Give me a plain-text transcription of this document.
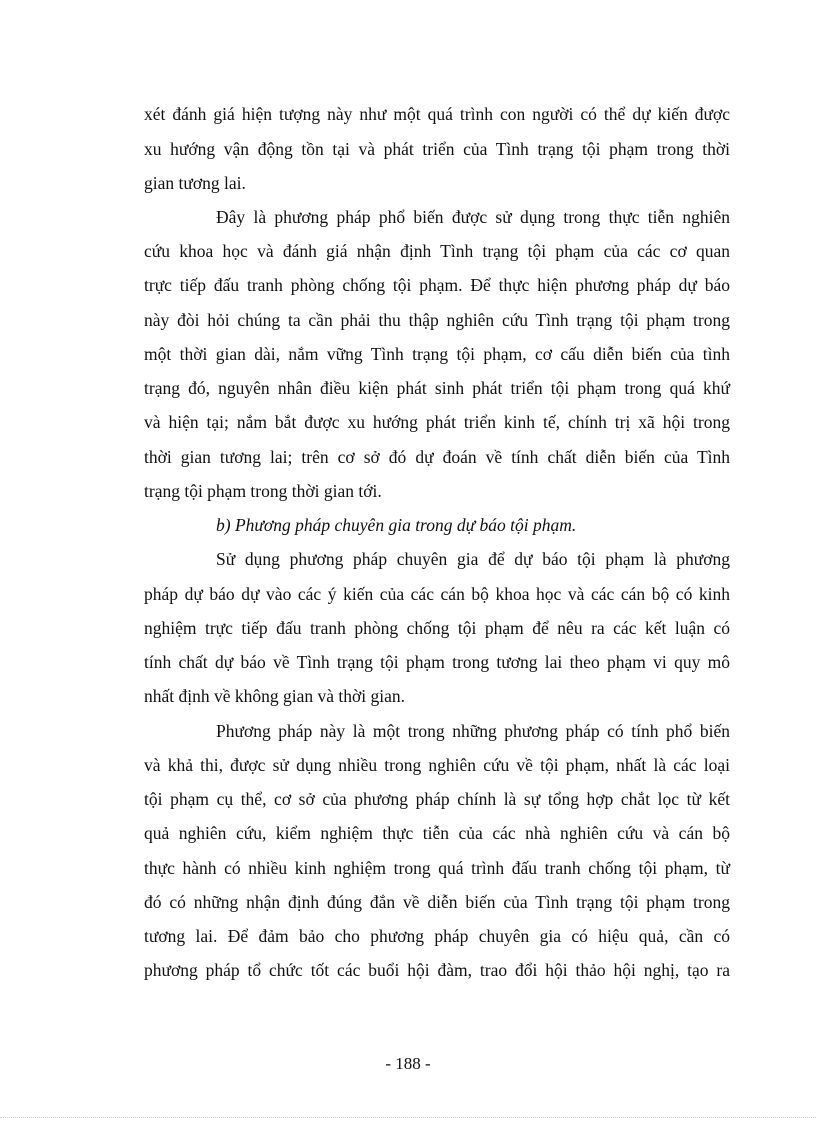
xét đánh giá hiện tượng này như một quá trình con người có thể dự kiến được
xu hướng vận động tồn tại và phát triển của Tình trạng tội phạm trong thời
gian tương lai.
Đây là phương pháp phổ biến được sử dụng trong thực tiễn nghiên
cứu khoa học và đánh giá nhận định Tình trạng tội phạm của các cơ quan
trực tiếp đấu tranh phòng chống tội phạm. Để thực hiện phương pháp dự báo
này đòi hỏi chúng ta cần phải thu thập nghiên cứu Tình trạng tội phạm trong
một thời gian dài, nắm vững Tình trạng tội phạm, cơ cấu diễn biến của tình
trạng đó, nguyên nhân điều kiện phát sinh phát triển tội phạm trong quá khứ
và hiện tại; nắm bắt được xu hướng phát triển kinh tế, chính trị xã hội trong
thời gian tương lai; trên cơ sở đó dự đoán về tính chất diễn biến của Tình
trạng tội phạm trong thời gian tới.
b) Phương pháp chuyên gia trong dự báo tội phạm.
Sử dụng phương pháp chuyên gia để dự báo tội phạm là phương
pháp dự báo dự vào các ý kiến của các cán bộ khoa học và các cán bộ có kinh
nghiệm trực tiếp đấu tranh phòng chống tội phạm để nêu ra các kết luận có
tính chất dự báo về Tình trạng tội phạm trong tương lai theo phạm vi quy mô
nhất định về không gian và thời gian.
Phương pháp này là một trong những phương pháp có tính phổ biến
và khả thi, được sử dụng nhiều trong nghiên cứu về tội phạm, nhất là các loại
tội phạm cụ thể, cơ sở của phương pháp chính là sự tổng hợp chắt lọc từ kết
quả nghiên cứu, kiểm nghiệm thực tiễn của các nhà nghiên cứu và cán bộ
thực hành có nhiều kinh nghiệm trong quá trình đấu tranh chống tội phạm, từ
đó có những nhận định đúng đắn về diễn biến của Tình trạng tội phạm trong
tương lai. Để đảm bảo cho phương pháp chuyên gia có hiệu quả, cần có
phương pháp tổ chức tốt các buổi hội đàm, trao đổi hội thảo hội nghị, tạo ra
- 188 -
